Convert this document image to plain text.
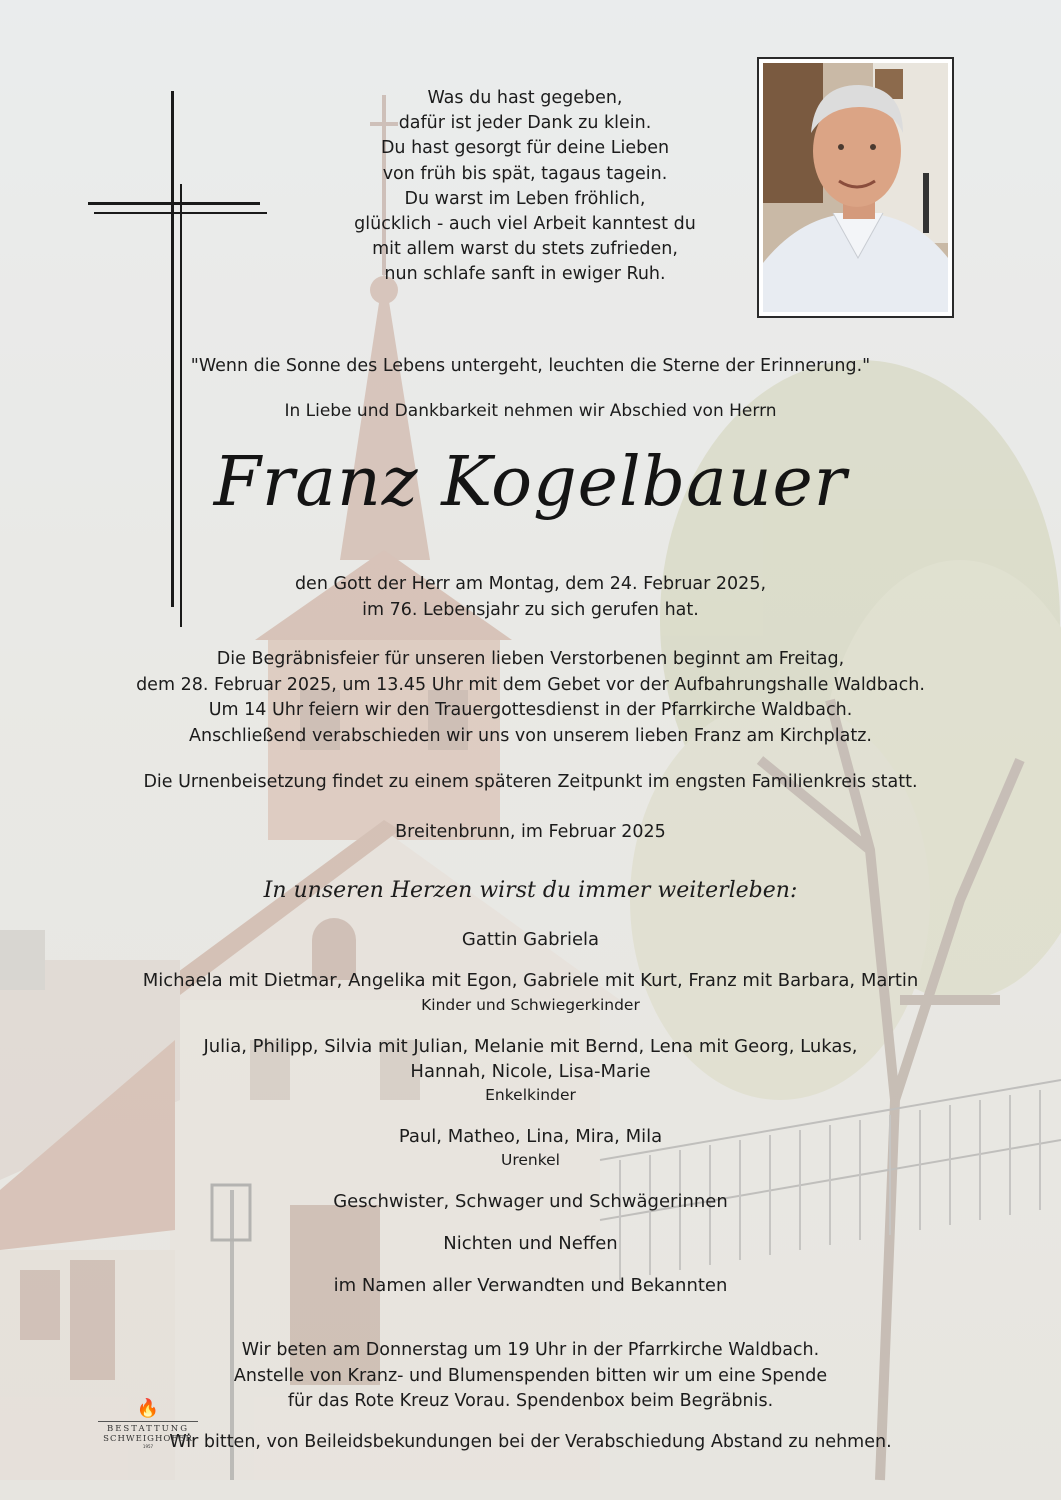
Was du hast gegeben,
dafür ist jeder Dank zu klein.
Du hast gesorgt für deine Lieben
von früh bis spät, tagaus tagein.
Du warst im Leben fröhlich,
glücklich - auch viel Arbeit kanntest du
mit allem warst du stets zufrieden,
nun schlafe sanft in ewiger Ruh.
"Wenn die Sonne des Lebens untergeht, leuchten die Sterne der Erinnerung."
In Liebe und Dankbarkeit nehmen wir Abschied von Herrn
Franz Kogelbauer
den Gott der Herr am Montag, dem 24. Februar 2025,
im 76. Lebensjahr zu sich gerufen hat.
Die Begräbnisfeier für unseren lieben Verstorbenen beginnt am Freitag,
dem 28. Februar 2025, um 13.45 Uhr mit dem Gebet vor der Aufbahrungshalle Waldbach.
Um 14 Uhr feiern wir den Trauergottesdienst in der Pfarrkirche Waldbach.
Anschließend verabschieden wir uns von unserem lieben Franz am Kirchplatz.
Die Urnenbeisetzung findet zu einem späteren Zeitpunkt im engsten Familienkreis statt.
Breitenbrunn, im Februar 2025
In unseren Herzen wirst du immer weiterleben:
Gattin Gabriela
Michaela mit Dietmar, Angelika mit Egon, Gabriele mit Kurt, Franz mit Barbara, Martin
Kinder und Schwiegerkinder
Julia, Philipp, Silvia mit Julian, Melanie mit Bernd, Lena mit Georg, Lukas,
Hannah, Nicole, Lisa-Marie
Enkelkinder
Paul, Matheo, Lina, Mira, Mila
Urenkel
Geschwister, Schwager und Schwägerinnen
Nichten und Neffen
im Namen aller Verwandten und Bekannten
Wir beten am Donnerstag um 19 Uhr in der Pfarrkirche Waldbach.
Anstelle von Kranz- und Blumenspenden bitten wir um eine Spende
für das Rote Kreuz Vorau. Spendenbox beim Begräbnis.
Wir bitten, von Beileidsbekundungen bei der Verabschiedung Abstand zu nehmen.
🔥
BESTATTUNG
SCHWEIGHOFER
1957
